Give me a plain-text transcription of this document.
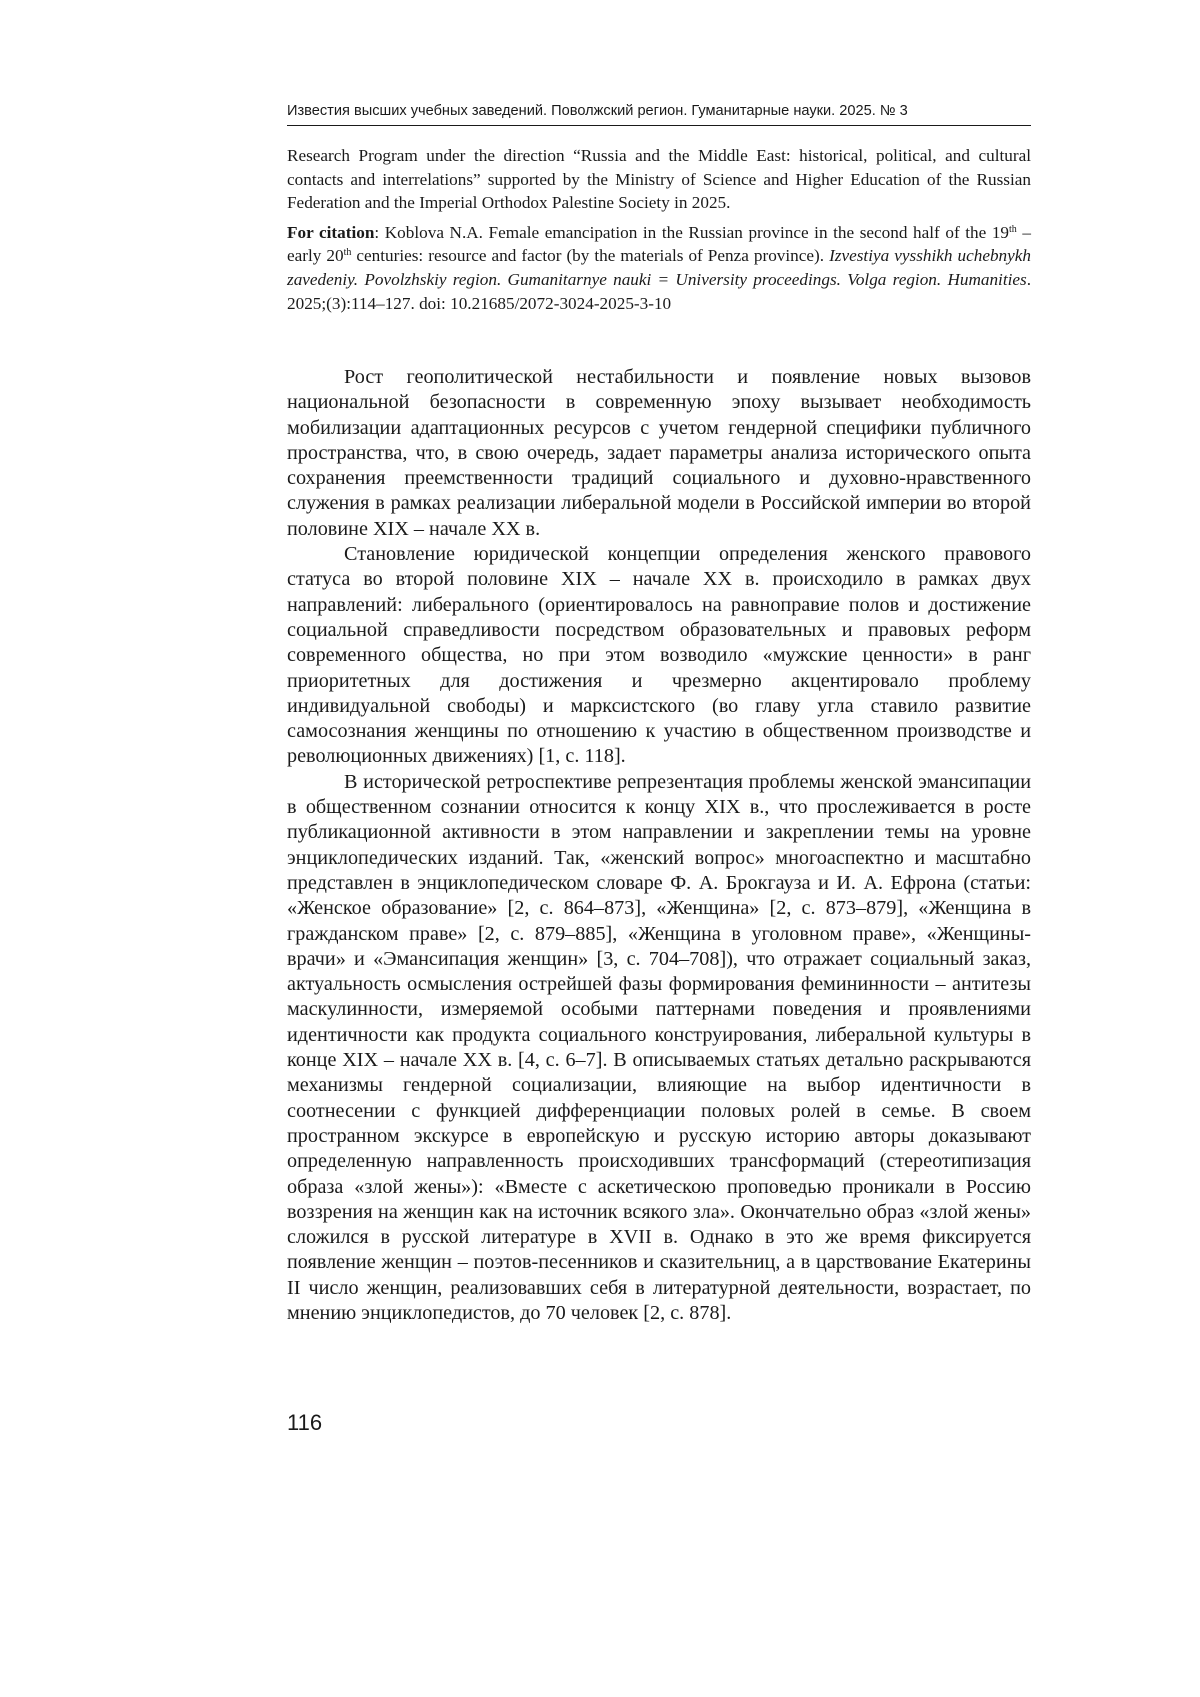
Известия высших учебных заведений. Поволжский регион. Гуманитарные науки. 2025. № 3

Research Program under the direction “Russia and the Middle East: historical, political, and cultural contacts and interrelations” supported by the Ministry of Science and Higher Education of the Russian Federation and the Imperial Orthodox Palestine Society in 2025.

For citation: Koblova N.A. Female emancipation in the Russian province in the second half of the 19th – early 20th centuries: resource and factor (by the materials of Penza province). Izvestiya vysshikh uchebnykh zavedeniy. Povolzhskiy region. Gumanitarnye nauki = University proceedings. Volga region. Humanities. 2025;(3):114–127. doi: 10.21685/2072-3024-2025-3-10

Рост геополитической нестабильности и появление новых вызовов национальной безопасности в современную эпоху вызывает необходимость мобилизации адаптационных ресурсов с учетом гендерной специфики публичного пространства, что, в свою очередь, задает параметры анализа исторического опыта сохранения преемственности традиций социального и духовно-нравственного служения в рамках реализации либеральной модели в Российской империи во второй половине XIX – начале XX в.

Становление юридической концепции определения женского правового статуса во второй половине XIX – начале XX в. происходило в рамках двух направлений: либерального (ориентировалось на равноправие полов и достижение социальной справедливости посредством образовательных и правовых реформ современного общества, но при этом возводило «мужские ценности» в ранг приоритетных для достижения и чрезмерно акцентировало проблему индивидуальной свободы) и марксистского (во главу угла ставило развитие самосознания женщины по отношению к участию в общественном производстве и революционных движениях) [1, с. 118].

В исторической ретроспективе репрезентация проблемы женской эмансипации в общественном сознании относится к концу XIX в., что прослеживается в росте публикационной активности в этом направлении и закреплении темы на уровне энциклопедических изданий. Так, «женский вопрос» многоаспектно и масштабно представлен в энциклопедическом словаре Ф. А. Брокгауза и И. А. Ефрона (статьи: «Женское образование» [2, с. 864–873], «Женщина» [2, с. 873–879], «Женщина в гражданском праве» [2, с. 879–885], «Женщина в уголовном праве», «Женщины-врачи» и «Эмансипация женщин» [3, с. 704–708]), что отражает социальный заказ, актуальность осмысления острейшей фазы формирования фемининности – антитезы маскулинности, измеряемой особыми паттернами поведения и проявлениями идентичности как продукта социального конструирования, либеральной культуры в конце XIX – начале XX в. [4, с. 6–7]. В описываемых статьях детально раскрываются механизмы гендерной социализации, влияющие на выбор идентичности в соотнесении с функцией дифференциации половых ролей в семье. В своем пространном экскурсе в европейскую и русскую историю авторы доказывают определенную направленность происходивших трансформаций (стереотипизация образа «злой жены»): «Вместе с аскетическою проповедью проникали в Россию воззрения на женщин как на источник всякого зла». Окончательно образ «злой жены» сложился в русской литературе в XVII в. Однако в это же время фиксируется появление женщин – поэтов-песенников и сказительниц, а в царствование Екатерины II число женщин, реализовавших себя в литературной деятельности, возрастает, по мнению энциклопедистов, до 70 человек [2, с. 878].

116
